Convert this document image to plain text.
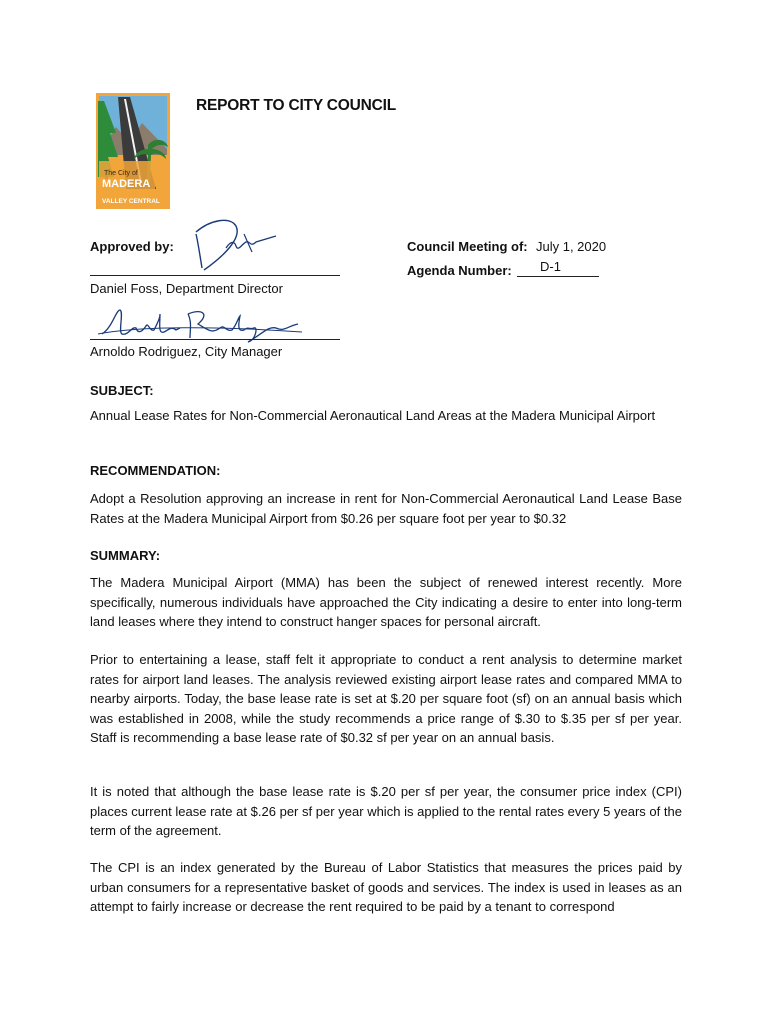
The City of
MADERA
VALLEY CENTRAL
REPORT TO CITY COUNCIL
Approved by:
Daniel Foss, Department Director
Arnoldo Rodriguez, City Manager
Council Meeting of: July 1, 2020
Agenda Number: D-1
SUBJECT:

Annual Lease Rates for Non-Commercial Aeronautical Land Areas at the Madera Municipal Airport

RECOMMENDATION:

Adopt a Resolution approving an increase in rent for Non-Commercial Aeronautical Land Lease Base Rates at the Madera Municipal Airport from $0.26 per square foot per year to $0.32

SUMMARY:

The Madera Municipal Airport (MMA) has been the subject of renewed interest recently. More specifically, numerous individuals have approached the City indicating a desire to enter into long-term land leases where they intend to construct hanger spaces for personal aircraft.

Prior to entertaining a lease, staff felt it appropriate to conduct a rent analysis to determine market rates for airport land leases. The analysis reviewed existing airport lease rates and compared MMA to nearby airports. Today, the base lease rate is set at $.20 per square foot (sf) on an annual basis which was established in 2008, while the study recommends a price range of $.30 to $.35 per sf per year. Staff is recommending a base lease rate of $0.32 sf per year on an annual basis.

It is noted that although the base lease rate is $.20 per sf per year, the consumer price index (CPI) places current lease rate at $.26 per sf per year which is applied to the rental rates every 5 years of the term of the agreement.

The CPI is an index generated by the Bureau of Labor Statistics that measures the prices paid by urban consumers for a representative basket of goods and services. The index is used in leases as an attempt to fairly increase or decrease the rent required to be paid by a tenant to correspond
